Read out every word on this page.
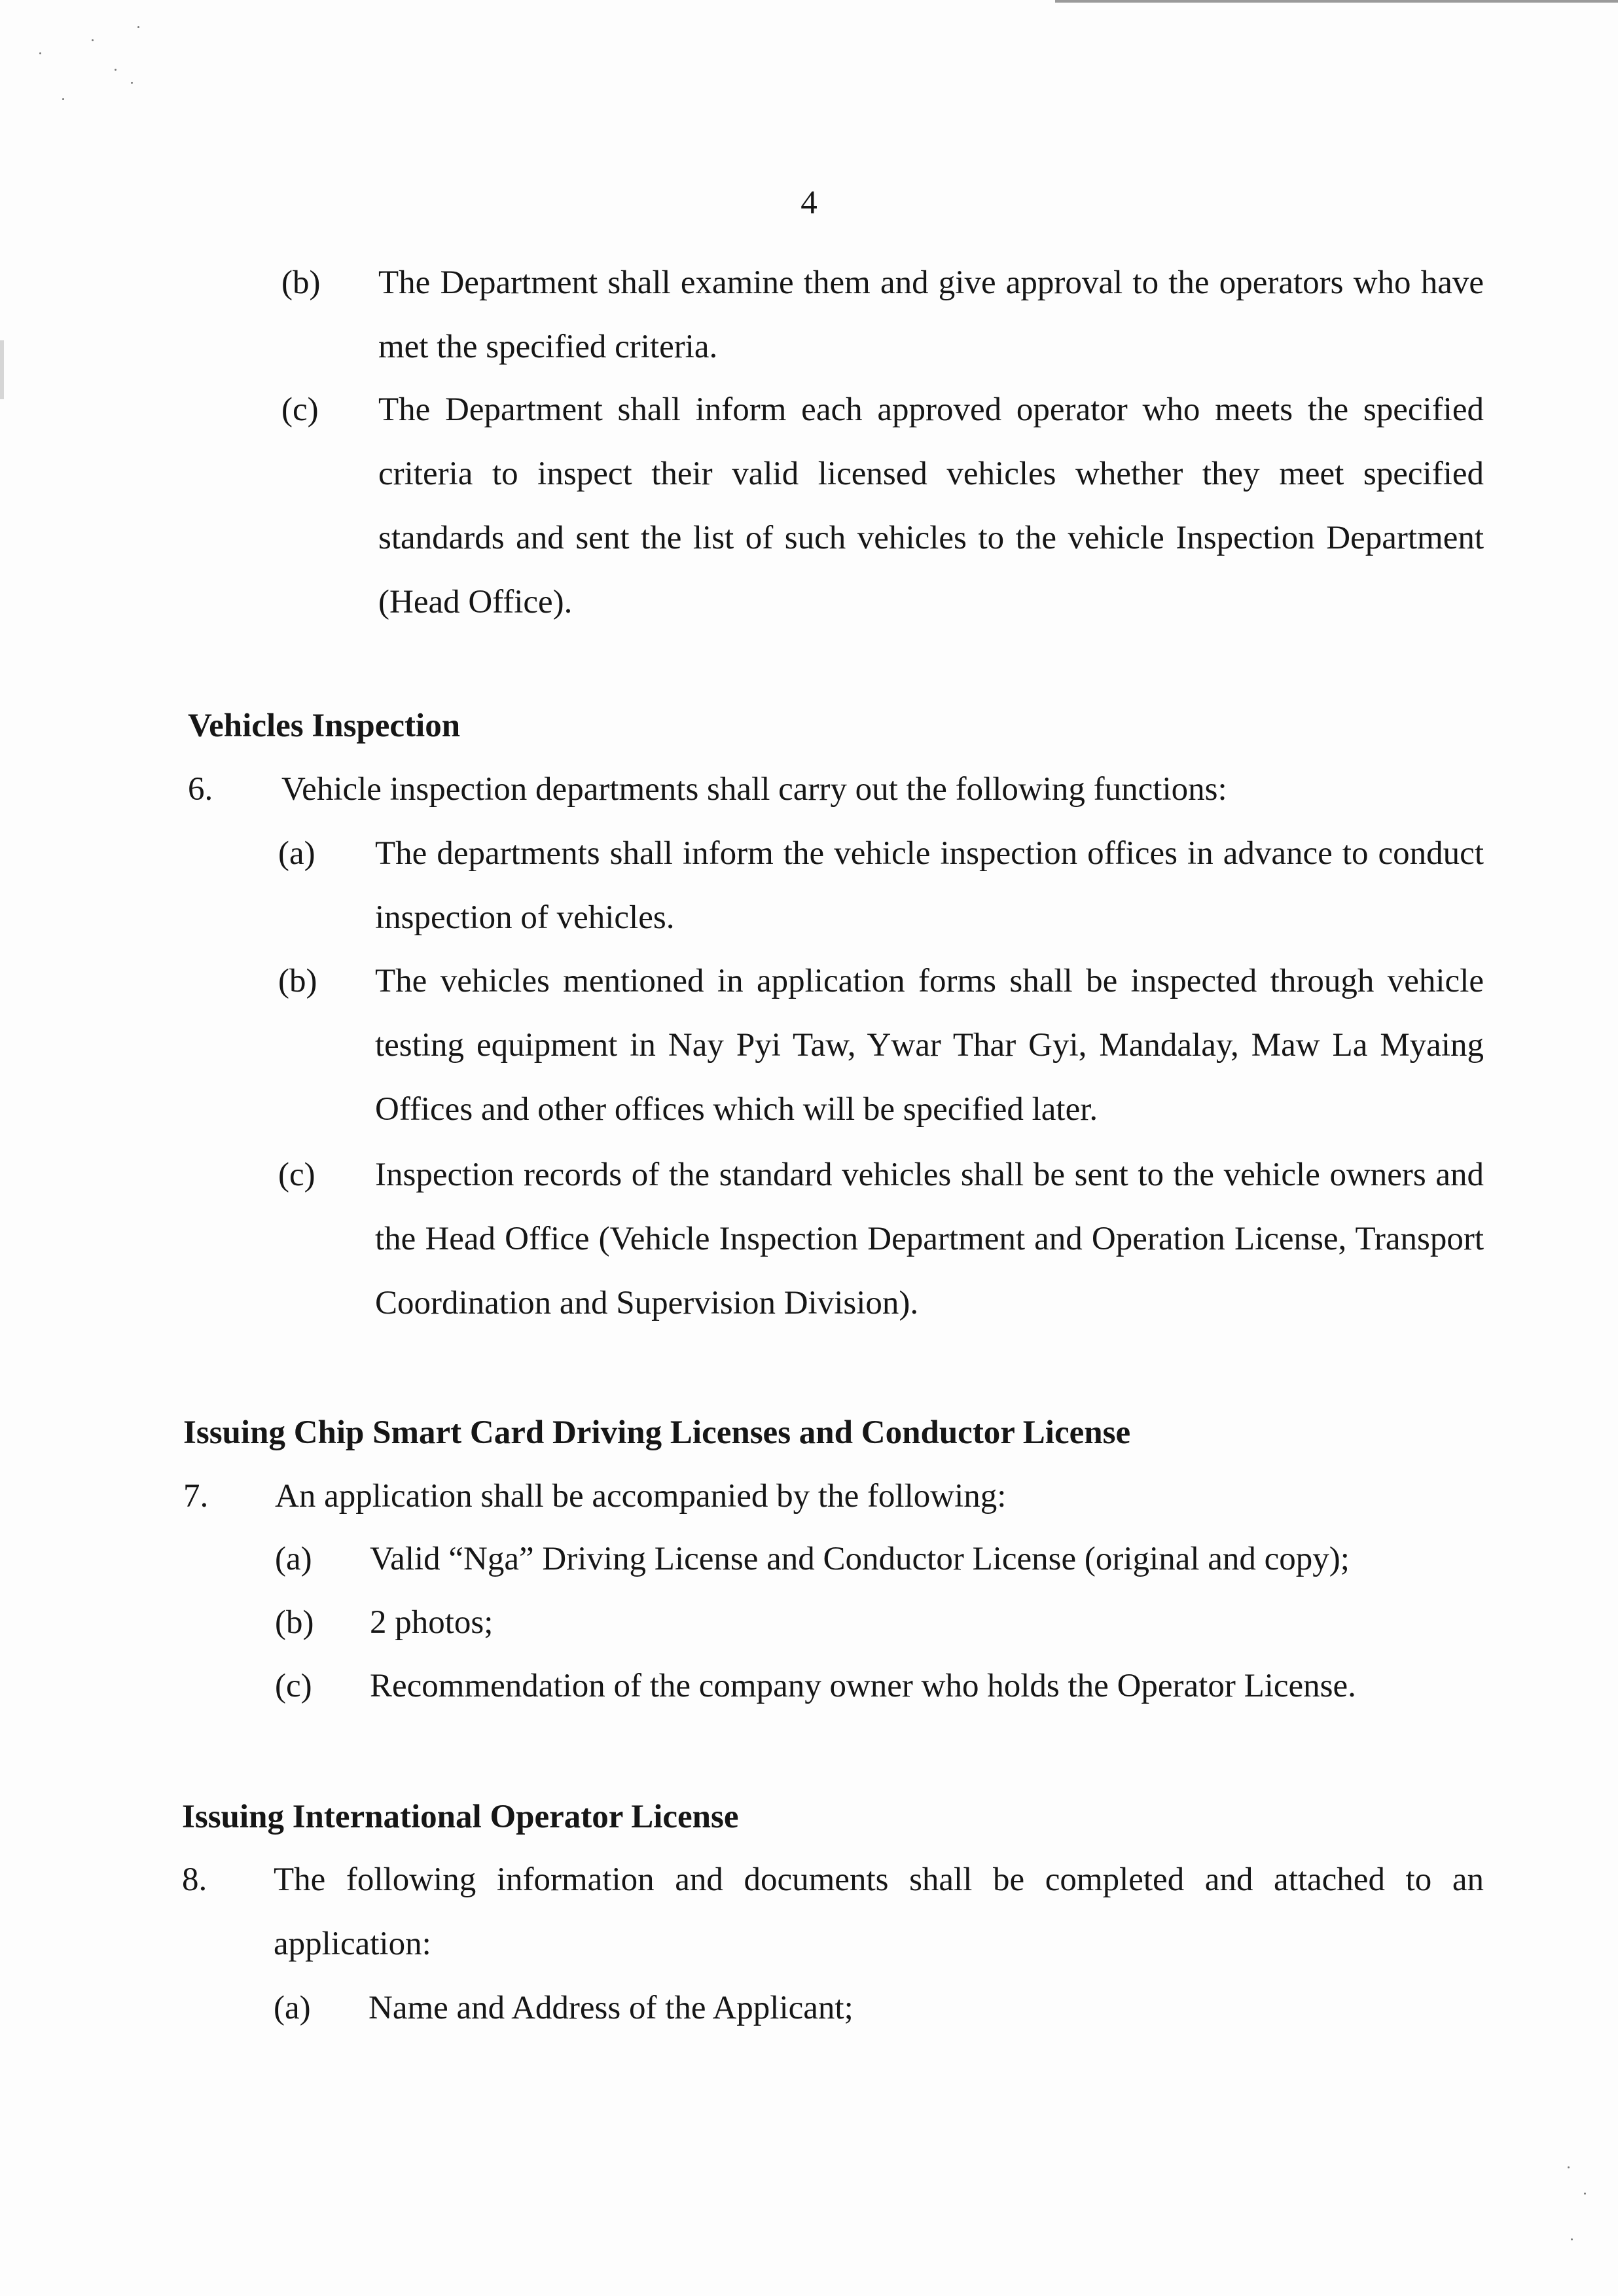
4
(b) The Department shall examine them and give approval to the operators who have met the specified criteria.
(c) The Department shall inform each approved operator who meets the specified criteria to inspect their valid licensed vehicles whether they meet specified standards and sent the list of such vehicles to the vehicle Inspection Department (Head Office).
Vehicles Inspection
6. Vehicle inspection departments shall carry out the following functions:
(a) The departments shall inform the vehicle inspection offices in advance to conduct inspection of vehicles.
(b) The vehicles mentioned in application forms shall be inspected through vehicle testing equipment in Nay Pyi Taw, Ywar Thar Gyi, Mandalay, Maw La Myaing Offices and other offices which will be specified later.
(c) Inspection records of the standard vehicles shall be sent to the vehicle owners and the Head Office (Vehicle Inspection Department and Operation License, Transport Coordination and Supervision Division).
Issuing Chip Smart Card Driving Licenses and Conductor License
7. An application shall be accompanied by the following:
(a) Valid “Nga” Driving License and Conductor License (original and copy);
(b) 2 photos;
(c) Recommendation of the company owner who holds the Operator License.
Issuing International Operator License
8. The following information and documents shall be completed and attached to an application:
(a) Name and Address of the Applicant;
